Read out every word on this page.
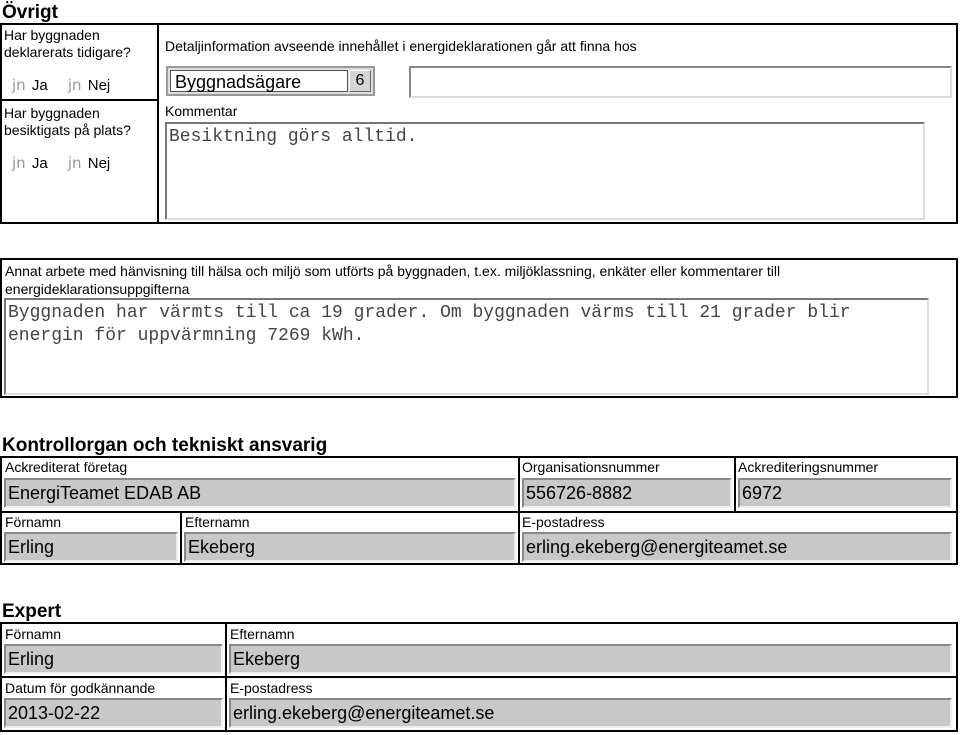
Övrigt
Har byggnaden deklarerats tidigare?
jn Ja jn Nej
Har byggnaden besiktigats på plats?
jn Ja jn Nej
Detaljinformation avseende innehållet i energideklarationen går att finna hos
Byggnadsägare	6
Kommentar
Besiktning görs alltid.
Annat arbete med hänvisning till hälsa och miljö som utförts på byggnaden, t.ex. miljöklassning, enkäter eller kommentarer till energideklarationsuppgifterna
Byggnaden har värmts till ca 19 grader. Om byggnaden värms till 21 grader blir energin för uppvärmning 7269 kWh.
Kontrollorgan och tekniskt ansvarig
Ackrediterat företag
EnergiTeamet EDAB AB
Organisationsnummer
556726-8882
Ackrediteringsnummer
6972
Förnamn
Erling
Efternamn
Ekeberg
E-postadress
erling.ekeberg@energiteamet.se
Expert
Förnamn
Erling
Efternamn
Ekeberg
Datum för godkännande
2013-02-22
E-postadress
erling.ekeberg@energiteamet.se
